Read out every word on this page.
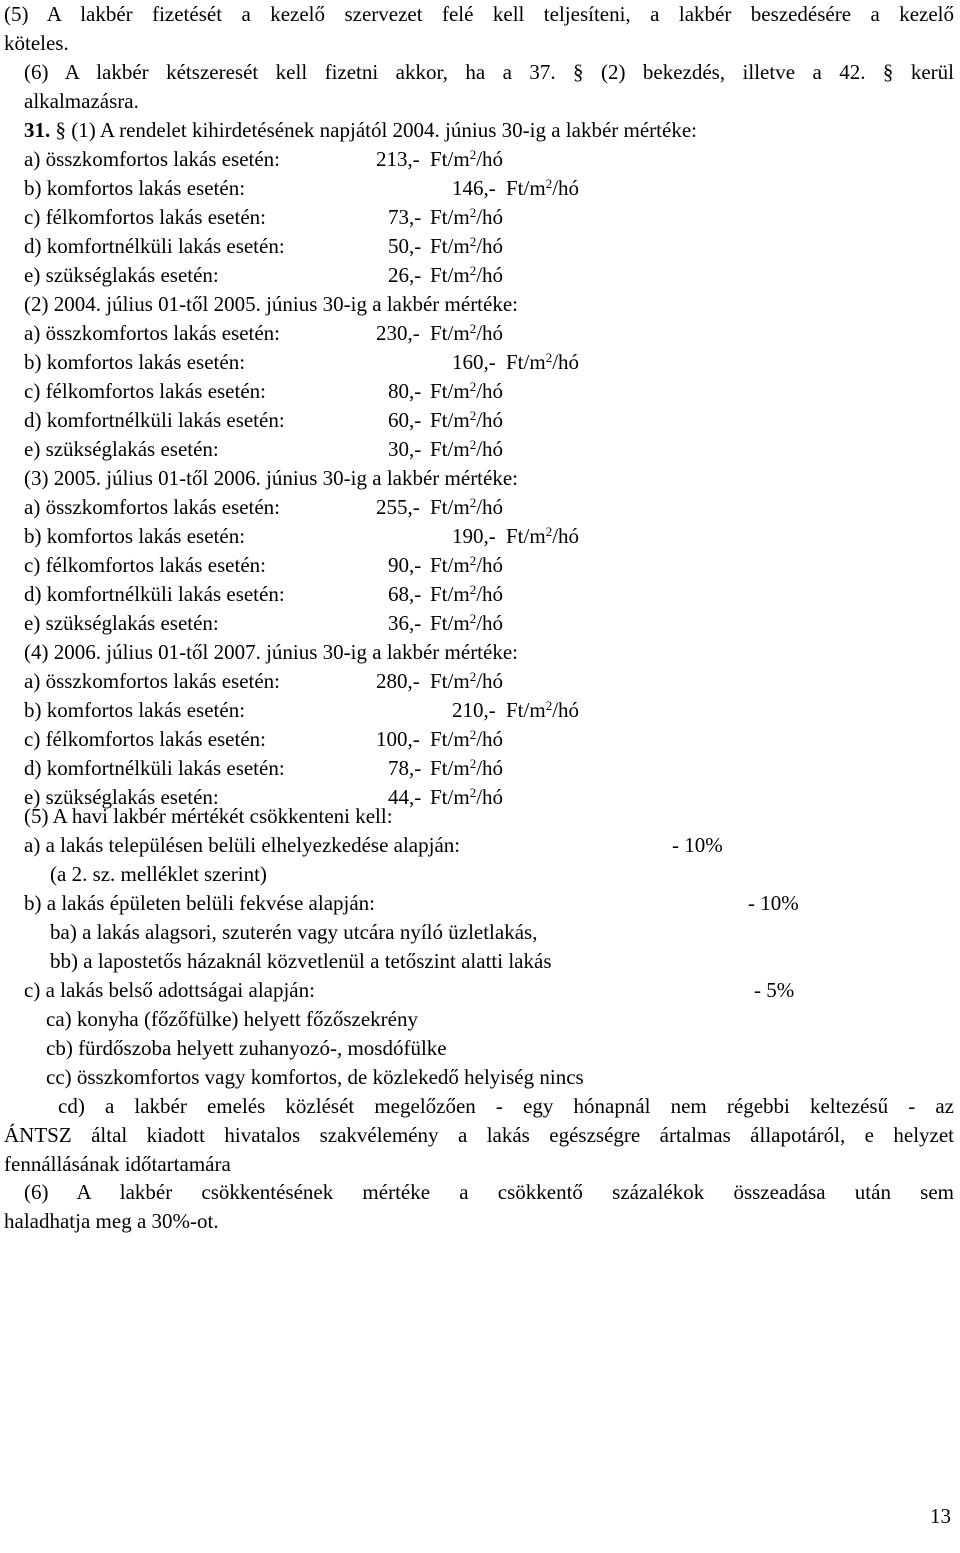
(5) A lakbér fizetését a kezelő szervezet felé kell teljesíteni, a lakbér beszedésére a kezelő
köteles.
(6) A lakbér kétszeresét kell fizetni akkor, ha a 37. § (2) bekezdés, illetve a 42. § kerül
alkalmazásra.
31. § (1) A rendelet kihirdetésének napjától 2004. június 30-ig a lakbér mértéke:
a) összkomfortos lakás esetén:	213,- $Ft/m^2/hó$
b) komfortos lakás esetén:	146,- $Ft/m^2/hó$
c) félkomfortos lakás esetén:	73,- $Ft/m^2/hó$
d) komfortnélküli lakás esetén:	50,- $Ft/m^2/hó$
e) szükséglakás esetén:	26,- $Ft/m^2/hó$
(2) 2004. július 01-től 2005. június 30-ig a lakbér mértéke:
a) összkomfortos lakás esetén:	230,- $Ft/m^2/hó$
b) komfortos lakás esetén:	160,- $Ft/m^2/hó$
c) félkomfortos lakás esetén:	80,- $Ft/m^2/hó$
d) komfortnélküli lakás esetén:	60,- $Ft/m^2/hó$
e) szükséglakás esetén:	30,- $Ft/m^2/hó$
(3) 2005. július 01-től 2006. június 30-ig a lakbér mértéke:
a) összkomfortos lakás esetén:	255,- $Ft/m^2/hó$
b) komfortos lakás esetén:	190,- $Ft/m^2/hó$
c) félkomfortos lakás esetén:	90,- $Ft/m^2/hó$
d) komfortnélküli lakás esetén:	68,- $Ft/m^2/hó$
e) szükséglakás esetén:	36,- $Ft/m^2/hó$
(4) 2006. július 01-től 2007. június 30-ig a lakbér mértéke:
a) összkomfortos lakás esetén:	280,- $Ft/m^2/hó$
b) komfortos lakás esetén:	210,- $Ft/m^2/hó$
c) félkomfortos lakás esetén:	100,- $Ft/m^2/hó$
d) komfortnélküli lakás esetén:	78,- $Ft/m^2/hó$
e) szükséglakás esetén:	44,- $Ft/m^2/hó$
(5) A havi lakbér mértékét csökkenteni kell:
a) a lakás településen belüli elhelyezkedése alapján:	- 10%
(a 2. sz. melléklet szerint)
b) a lakás épületen belüli fekvése alapján:	- 10%
ba) a lakás alagsori, szuterén vagy utcára nyíló üzletlakás,
bb) a lapostetős házaknál közvetlenül a tetőszint alatti lakás
c) a lakás belső adottságai alapján:	- 5%
ca) konyha (főzőfülke) helyett főzőszekrény
cb) fürdőszoba helyett zuhanyozó-, mosdófülke
cc) összkomfortos vagy komfortos, de közlekedő helyiség nincs
cd) a lakbér emelés közlését megelőzően - egy hónapnál nem régebbi keltezésű - az
ÁNTSZ által kiadott hivatalos szakvélemény a lakás egészségre ártalmas állapotáról, e helyzet
fennállásának időtartamára
(6) A lakbér csökkentésének mértéke a csökkentő százalékok összeadása után sem
haladhatja meg a 30%-ot.
13
